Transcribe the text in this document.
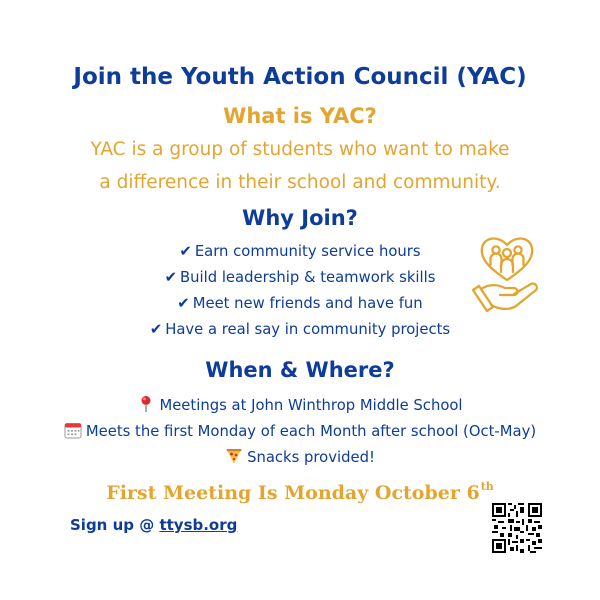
Join the Youth Action Council (YAC)
What is YAC?
YAC is a group of students who want to make
a difference in their school and community.
Why Join?
✔ Earn community service hours
✔ Build leadership & teamwork skills
✔ Meet new friends and have fun
✔ Have a real say in community projects
When & Where?
Meetings at John Winthrop Middle School
Meets the first Monday of each Month after school (Oct-May)
Snacks provided!
First Meeting Is Monday October 6th
Sign up @ ttysb.org
